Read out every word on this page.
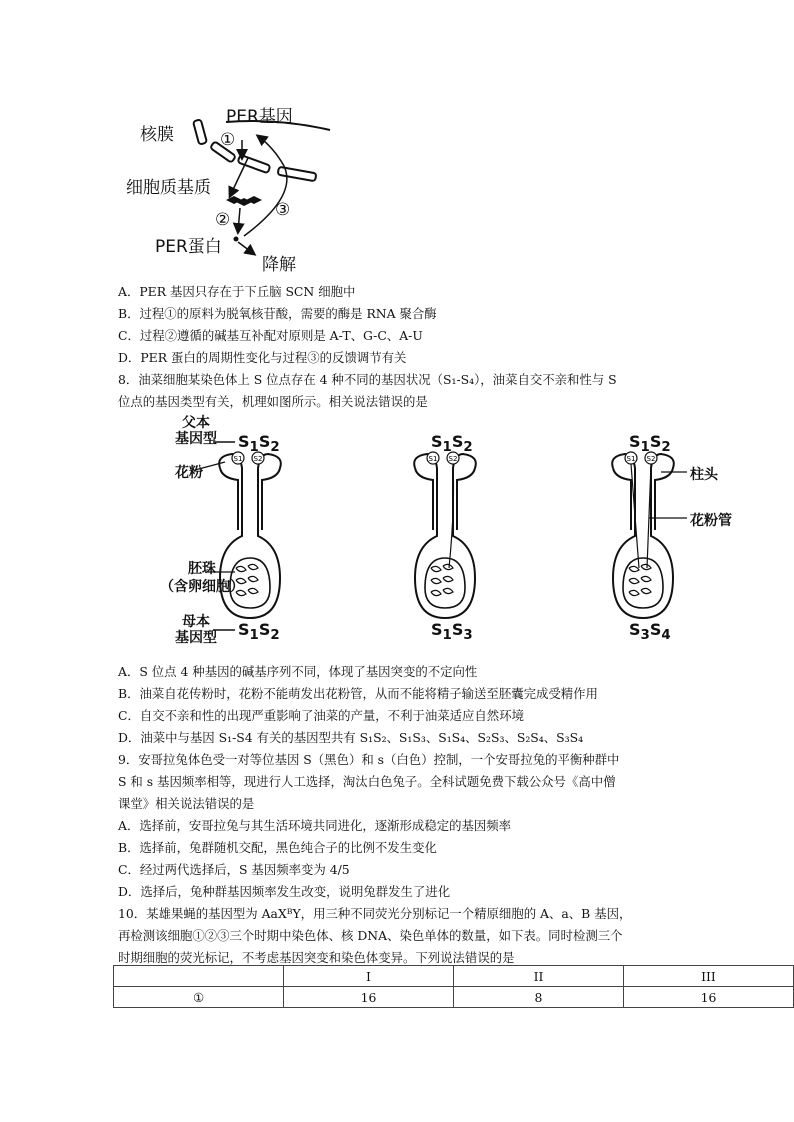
PER基因
核膜	①
细胞质基质
③
②
PER蛋白
降解
A．PER 基因只存在于下丘脑 SCN 细胞中
B．过程①的原料为脱氧核苷酸，需要的酶是 RNA 聚合酶
C．过程②遵循的碱基互补配对原则是 A-T、G-C、A-U
D．PER 蛋白的周期性变化与过程③的反馈调节有关
8．油菜细胞某染色体上 S 位点存在 4 种不同的基因状况（S₁-S₄），油菜自交不亲和性与 S
位点的基因类型有关，机理如图所示。相关说法错误的是
S1 S2	S1 S2	S1 S2
父本
基因型 $S_1S_2$	$S_1S_2$	$S_1S_2$
花粉	柱头
花粉管
胚珠
（含卵细胞）
母本
基因型 $S_1S_2$	$S_1S_3$	$S_3S_4$
A．S 位点 4 种基因的碱基序列不同，体现了基因突变的不定向性
B．油菜自花传粉时，花粉不能萌发出花粉管，从而不能将精子输送至胚囊完成受精作用
C．自交不亲和性的出现严重影响了油菜的产量，不利于油菜适应自然环境
D．油菜中与基因 S₁-S4 有关的基因型共有 S₁S₂、S₁S₃、S₁S₄、S₂S₃、S₂S₄、S₃S₄
9．安哥拉兔体色受一对等位基因 S（黑色）和 s（白色）控制，一个安哥拉兔的平衡种群中
S 和 s 基因频率相等，现进行人工选择，淘汰白色兔子。全科试题免费下载公众号《高中僧
课堂》相关说法错误的是
A．选择前，安哥拉兔与其生活环境共同进化，逐渐形成稳定的基因频率
B．选择前，兔群随机交配，黑色纯合子的比例不发生变化
C．经过两代选择后，S 基因频率变为 4/5
D．选择后，兔种群基因频率发生改变，说明兔群发生了进化
10．某雄果蝇的基因型为 AaXᴮY，用三种不同荧光分别标记一个精原细胞的 A、a、B 基因，
再检测该细胞①②③三个时期中染色体、核 DNA、染色单体的数量，如下表。同时检测三个
时期细胞的荧光标记，不考虑基因突变和染色体变异。下列说法错误的是
	I	II	III
①	16	8	16
